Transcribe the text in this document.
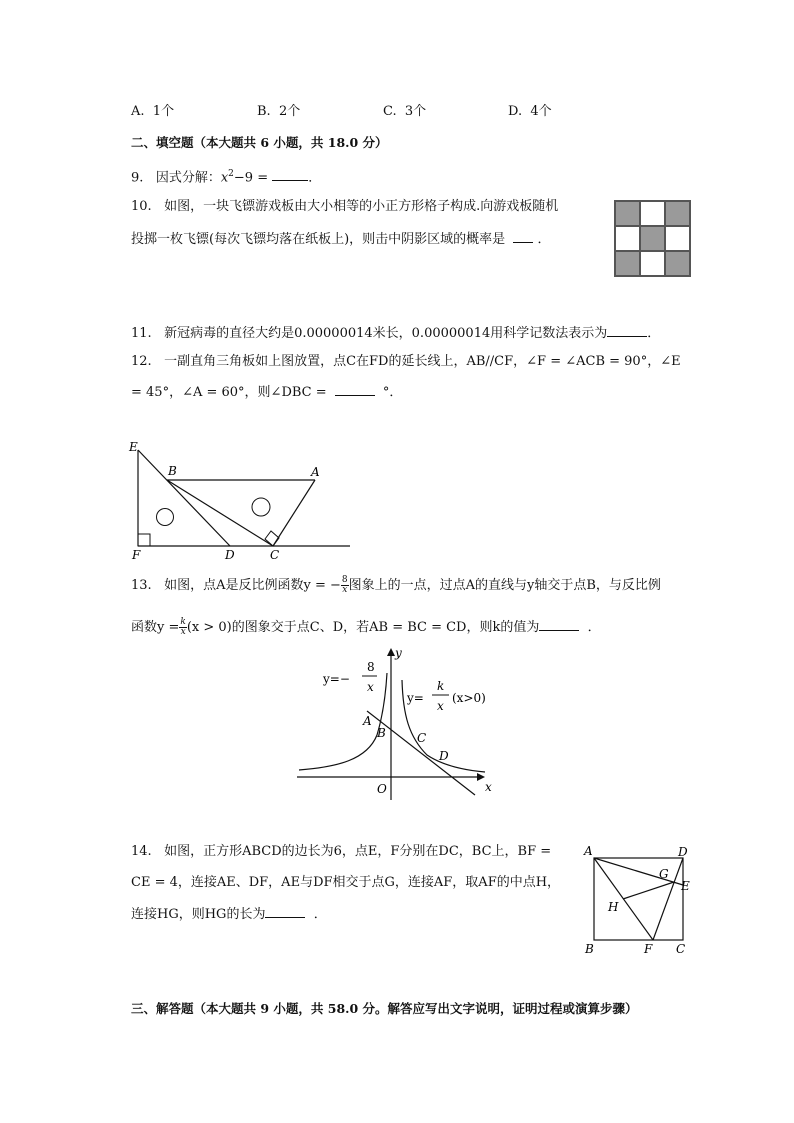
A. 1个	B. 2个	C. 3个	D. 4个
二、填空题（本大题共 6 小题，共 18.0 分）
9. 因式分解：$x^2-9$ =	．
10. 如图，一块飞镖游戏板由大小相等的小正方形格子构成.向游戏板随机
投掷一枚飞镖(每次飞镖均落在纸板上)，则击中阴影区域的概率是 ．
11. 新冠病毒的直径大约是0.00000014米长，0.00000014用科学记数法表示为	．
12. 一副直角三角板如上图放置，点C在FD的延长线上，AB//CF，∠F = ∠ACB = 90°，∠E
= 45°，∠A = 60°，则∠DBC =	°．
E
B	A
F	D	C
13. 如图，点A是反比例函数y = − $\frac{8}{x}$ 图象上的一点，过点A的直线与y轴交于点B，与反比例
函数$y = \frac{k}{x} (x > 0)$的图象交于点C、D，若AB = BC = CD，则k的值为	．
y=−
8
x
y=
k
x
(x>0)
y
x
O
A
B	C
D
14. 如图，正方形ABCD的边长为6，点E，F分别在DC，BC上，BF =
CE = 4，连接AE、DF，AE与DF相交于点G，连接AF，取AF的中点H，
连接HG，则HG的长为	．
A	D
G
E
H
B	F C
三、解答题（本大题共 9 小题，共 58.0 分。解答应写出文字说明，证明过程或演算步骤）
